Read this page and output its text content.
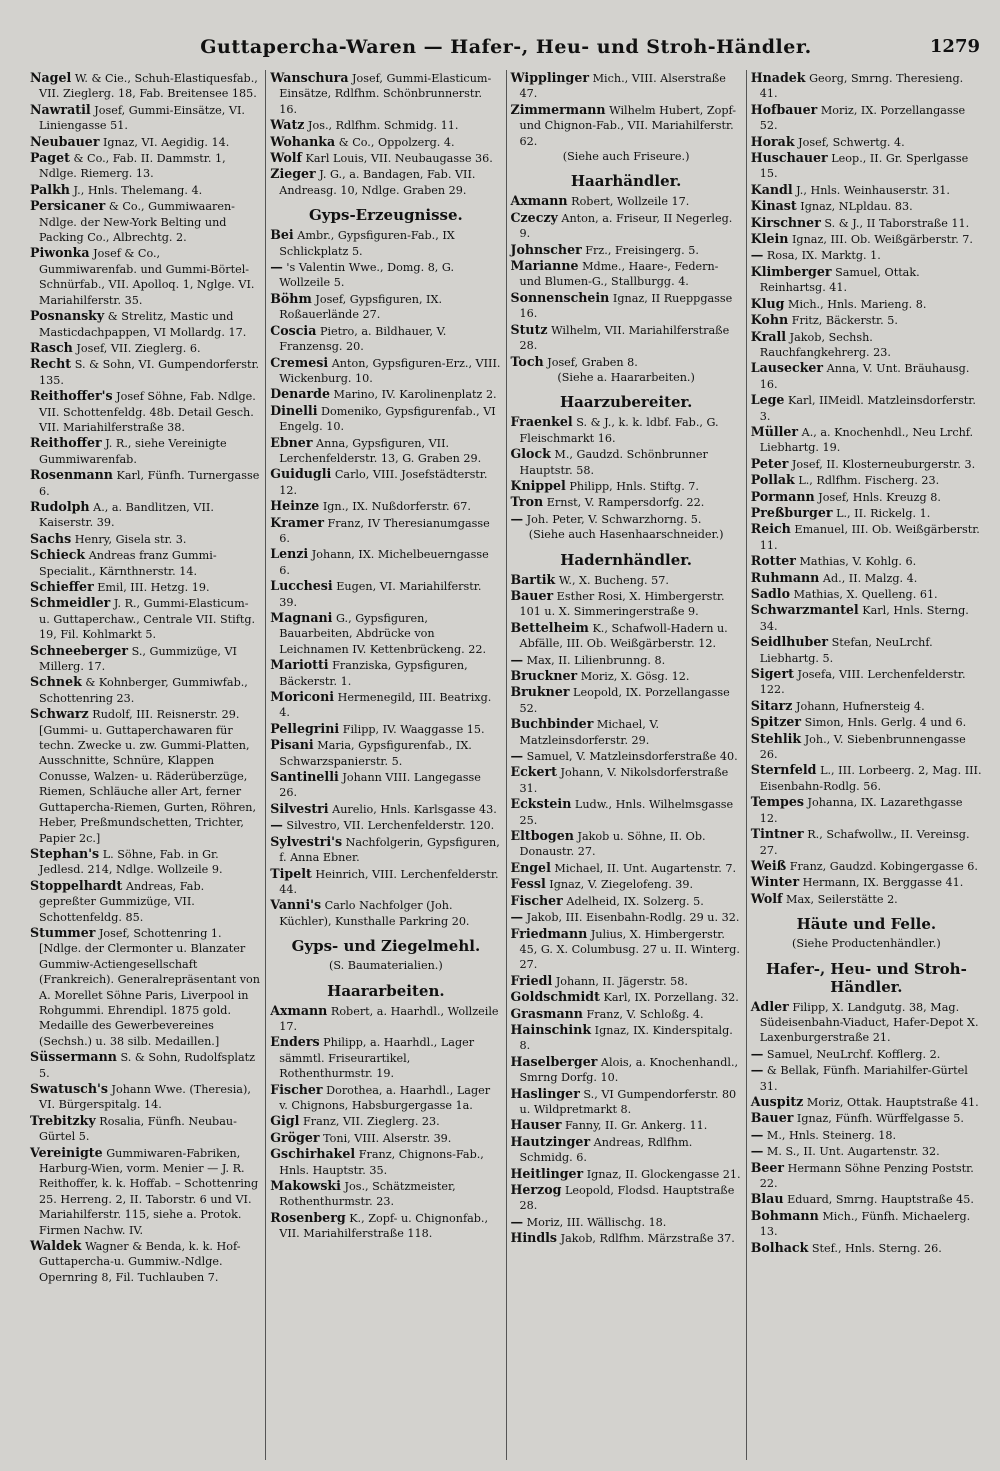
Guttapercha-Waren — Hafer-, Heu- und Stroh-Händler.	1279

Nagel W. & Cie., Schuh-Elastiquesfab., VII. Zieglerg. 18, Fab. Breitensee 185.

Nawratil Josef, Gummi-Einsätze, VI. Liniengasse 51.

Neubauer Ignaz, VI. Aegidig. 14.

Paget & Co., Fab. II. Dammstr. 1, Ndlge. Riemerg. 13.

Palkh J., Hnls. Thelemang. 4.

Persicaner & Co., Gummiwaaren-Ndlge. der New-York Belting und Packing Co., Albrechtg. 2.

Piwonka Josef & Co., Gummiwarenfab. und Gummi-Börtel-Schnürfab., VII. Apolloq. 1, Nglge. VI. Mariahilferstr. 35.

Posnansky & Strelitz, Mastic und Masticdachpappen, VI Mollardg. 17.

Rasch Josef, VII. Zieglerg. 6.

Recht S. & Sohn, VI. Gumpendorferstr. 135.

Reithoffer's Josef Söhne, Fab. Ndlge. VII. Schottenfeldg. 48b. Detail Gesch. VII. Mariahilferstraße 38.

Reithoffer J. R., siehe Vereinigte Gummiwarenfab.

Rosenmann Karl, Fünfh. Turnergasse 6.

Rudolph A., a. Bandlitzen, VII. Kaiserstr. 39.

Sachs Henry, Gisela str. 3.

Schieck Andreas franz Gummi-Specialit., Kärnthnerstr. 14.

Schieffer Emil, III. Hetzg. 19.

Schmeidler J. R., Gummi-Elasticum- u. Guttaperchaw., Centrale VII. Stiftg. 19, Fil. Kohlmarkt 5.

Schneeberger S., Gummizüge, VI Millerg. 17.

Schnek & Kohnberger, Gummiwfab., Schottenring 23.

Schwarz Rudolf, III. Reisnerstr. 29. [Gummi- u. Guttaperchawaren für techn. Zwecke u. zw. Gummi-Platten, Ausschnitte, Schnüre, Klappen Conusse, Walzen- u. Räderüberzüge, Riemen, Schläuche aller Art, ferner Guttapercha-Riemen, Gurten, Röhren, Heber, Preßmundschetten, Trichter, Papier 2c.]

Stephan's L. Söhne, Fab. in Gr. Jedlesd. 214, Ndlge. Wollzeile 9.

Stoppelhardt Andreas, Fab. gepreßter Gummizüge, VII. Schottenfeldg. 85.

Stummer Josef, Schottenring 1. [Ndlge. der Clermonter u. Blanzater Gummiw-Actiengesellschaft (Frankreich). Generalrepräsentant von A. Morellet Söhne Paris, Liverpool in Rohgummi. Ehrendipl. 1875 gold. Medaille des Gewerbevereines (Sechsh.) u. 38 silb. Medaillen.]

Süssermann S. & Sohn, Rudolfsplatz 5.

Swatusch's Johann Wwe. (Theresia), VI. Bürgerspitalg. 14.

Trebitzky Rosalia, Fünfh. Neubau-Gürtel 5.

Vereinigte Gummiwaren-Fabriken, Harburg-Wien, vorm. Menier — J. R. Reithoffer, k. k. Hoffab. – Schottenring 25. Herreng. 2, II. Taborstr. 6 und VI. Mariahilferstr. 115, siehe a. Protok. Firmen Nachw. IV.

Waldek Wagner & Benda, k. k. Hof-Guttapercha-u. Gummiw.-Ndlge. Opernring 8, Fil. Tuchlauben 7.

Wanschura Josef, Gummi-Elasticum-Einsätze, Rdlfhm. Schönbrunnerstr. 16.

Watz Jos., Rdlfhm. Schmidg. 11.

Wohanka & Co., Oppolzerg. 4.

Wolf Karl Louis, VII. Neubaugasse 36.

Zieger J. G., a. Bandagen, Fab. VII. Andreasg. 10, Ndlge. Graben 29.

Gyps-Erzeugnisse.

Bei Ambr., Gypsfiguren-Fab., IX Schlickplatz 5.

— 's Valentin Wwe., Domg. 8, G. Wollzeile 5.

Böhm Josef, Gypsfiguren, IX. Roßauerlände 27.

Coscia Pietro, a. Bildhauer, V. Franzensg. 20.

Cremesi Anton, Gypsfiguren-Erz., VIII. Wickenburg. 10.

Denarde Marino, IV. Karolinenplatz 2.

Dinelli Domeniko, Gypsfigurenfab., VI Engelg. 10.

Ebner Anna, Gypsfiguren, VII. Lerchenfelderstr. 13, G. Graben 29.

Guidugli Carlo, VIII. Josefstädterstr. 12.

Heinze Ign., IX. Nußdorferstr. 67.

Kramer Franz, IV Theresianumgasse 6.

Lenzi Johann, IX. Michelbeuerngasse 6.

Lucchesi Eugen, VI. Mariahilferstr. 39.

Magnani G., Gypsfiguren, Bauarbeiten, Abdrücke von Leichnamen IV. Kettenbrückeng. 22.

Mariotti Franziska, Gypsfiguren, Bäckerstr. 1.

Moriconi Hermenegild, III. Beatrixg. 4.

Pellegrini Filipp, IV. Waaggasse 15.

Pisani Maria, Gypsfigurenfab., IX. Schwarzspanierstr. 5.

Santinelli Johann VIII. Langegasse 26.

Silvestri Aurelio, Hnls. Karlsgasse 43.

— Silvestro, VII. Lerchenfelderstr. 120.

Sylvestri's Nachfolgerin, Gypsfiguren, f. Anna Ebner.

Tipelt Heinrich, VIII. Lerchenfelderstr. 44.

Vanni's Carlo Nachfolger (Joh. Küchler), Kunsthalle Parkring 20.

Gyps- und Ziegelmehl.

(S. Baumaterialien.)

Haararbeiten.

Axmann Robert, a. Haarhdl., Wollzeile 17.

Enders Philipp, a. Haarhdl., Lager sämmtl. Friseurartikel, Rothenthurmstr. 19.

Fischer Dorothea, a. Haarhdl., Lager v. Chignons, Habsburgergasse 1a.

Gigl Franz, VII. Zieglerg. 23.

Gröger Toni, VIII. Alserstr. 39.

Gschirhakel Franz, Chignons-Fab., Hnls. Hauptstr. 35.

Makowski Jos., Schätzmeister, Rothenthurmstr. 23.

Rosenberg K., Zopf- u. Chignonfab., VII. Mariahilferstraße 118.

Wipplinger Mich., VIII. Alserstraße 47.

Zimmermann Wilhelm Hubert, Zopf- und Chignon-Fab., VII. Mariahilferstr. 62.

(Siehe auch Friseure.)

Haarhändler.

Axmann Robert, Wollzeile 17.

Czeczy Anton, a. Friseur, II Negerleg. 9.

Johnscher Frz., Freisingerg. 5.

Marianne Mdme., Haare-, Federn- und Blumen-G., Stallburgg. 4.

Sonnenschein Ignaz, II Rueppgasse 16.

Stutz Wilhelm, VII. Mariahilferstraße 28.

Toch Josef, Graben 8.

(Siehe a. Haararbeiten.)

Haarzubereiter.

Fraenkel S. & J., k. k. ldbf. Fab., G. Fleischmarkt 16.

Glock M., Gaudzd. Schönbrunner Hauptstr. 58.

Knippel Philipp, Hnls. Stiftg. 7.

Tron Ernst, V. Rampersdorfg. 22.

— Joh. Peter, V. Schwarzhorng. 5.

(Siehe auch Hasenhaarschneider.)

Hadernhändler.

Bartik W., X. Bucheng. 57.

Bauer Esther Rosi, X. Himbergerstr. 101 u. X. Simmeringerstraße 9.

Bettelheim K., Schafwoll-Hadern u. Abfälle, III. Ob. Weißgärberstr. 12.

— Max, II. Lilienbrunng. 8.

Bruckner Moriz, X. Gösg. 12.

Brukner Leopold, IX. Porzellangasse 52.

Buchbinder Michael, V. Matzleinsdorferstr. 29.

— Samuel, V. Matzleinsdorferstraße 40.

Eckert Johann, V. Nikolsdorferstraße 31.

Eckstein Ludw., Hnls. Wilhelmsgasse 25.

Eltbogen Jakob u. Söhne, II. Ob. Donaustr. 27.

Engel Michael, II. Unt. Augartenstr. 7.

Fessl Ignaz, V. Ziegelofeng. 39.

Fischer Adelheid, IX. Solzerg. 5.

— Jakob, III. Eisenbahn-Rodlg. 29 u. 32.

Friedmann Julius, X. Himbergerstr. 45, G. X. Columbusg. 27 u. II. Winterg. 27.

Friedl Johann, II. Jägerstr. 58.

Goldschmidt Karl, IX. Porzellang. 32.

Grasmann Franz, V. Schloßg. 4.

Hainschink Ignaz, IX. Kinderspitalg. 8.

Haselberger Alois, a. Knochenhandl., Smrng Dorfg. 10.

Haslinger S., VI Gumpendorferstr. 80 u. Wildpretmarkt 8.

Hauser Fanny, II. Gr. Ankerg. 11.

Hautzinger Andreas, Rdlfhm. Schmidg. 6.

Heitlinger Ignaz, II. Glockengasse 21.

Herzog Leopold, Flodsd. Hauptstraße 28.

— Moriz, III. Wällischg. 18.

Hindls Jakob, Rdlfhm. Märzstraße 37.

Hnadek Georg, Smrng. Theresieng. 41.

Hofbauer Moriz, IX. Porzellangasse 52.

Horak Josef, Schwertg. 4.

Huschauer Leop., II. Gr. Sperlgasse 15.

Kandl J., Hnls. Weinhauserstr. 31.

Kinast Ignaz, NLpldau. 83.

Kirschner S. & J., II Taborstraße 11.

Klein Ignaz, III. Ob. Weißgärberstr. 7.

— Rosa, IX. Marktg. 1.

Klimberger Samuel, Ottak. Reinhartsg. 41.

Klug Mich., Hnls. Marieng. 8.

Kohn Fritz, Bäckerstr. 5.

Krall Jakob, Sechsh. Rauchfangkehrerg. 23.

Lausecker Anna, V. Unt. Bräuhausg. 16.

Lege Karl, IIMeidl. Matzleinsdorferstr. 3.

Müller A., a. Knochenhdl., Neu Lrchf. Liebhartg. 19.

Peter Josef, II. Klosterneuburgerstr. 3.

Pollak L., Rdlfhm. Fischerg. 23.

Pormann Josef, Hnls. Kreuzg 8.

Preßburger L., II. Rickelg. 1.

Reich Emanuel, III. Ob. Weißgärberstr. 11.

Rotter Mathias, V. Kohlg. 6.

Ruhmann Ad., II. Malzg. 4.

Sadlo Mathias, X. Quelleng. 61.

Schwarzmantel Karl, Hnls. Sterng. 34.

Seidlhuber Stefan, NeuLrchf. Liebhartg. 5.

Sigert Josefa, VIII. Lerchenfelderstr. 122.

Sitarz Johann, Hufnersteig 4.

Spitzer Simon, Hnls. Gerlg. 4 und 6.

Stehlik Joh., V. Siebenbrunnengasse 26.

Sternfeld L., III. Lorbeerg. 2, Mag. III. Eisenbahn-Rodlg. 56.

Tempes Johanna, IX. Lazarethgasse 12.

Tintner R., Schafwollw., II. Vereinsg. 27.

Weiß Franz, Gaudzd. Kobingergasse 6.

Winter Hermann, IX. Berggasse 41.

Wolf Max, Seilerstätte 2.

Häute und Felle.

(Siehe Productenhändler.)

Hafer-, Heu- und Stroh-Händler.

Adler Filipp, X. Landgutg. 38, Mag. Südeisenbahn-Viaduct, Hafer-Depot X. Laxenburgerstraße 21.

— Samuel, NeuLrchf. Kofflerg. 2.

— & Bellak, Fünfh. Mariahilfer-Gürtel 31.

Auspitz Moriz, Ottak. Hauptstraße 41.

Bauer Ignaz, Fünfh. Würffelgasse 5.

— M., Hnls. Steinerg. 18.

— M. S., II. Unt. Augartenstr. 32.

Beer Hermann Söhne Penzing Poststr. 22.

Blau Eduard, Smrng. Hauptstraße 45.

Bohmann Mich., Fünfh. Michaelerg. 13.

Bolhack Stef., Hnls. Sterng. 26.
